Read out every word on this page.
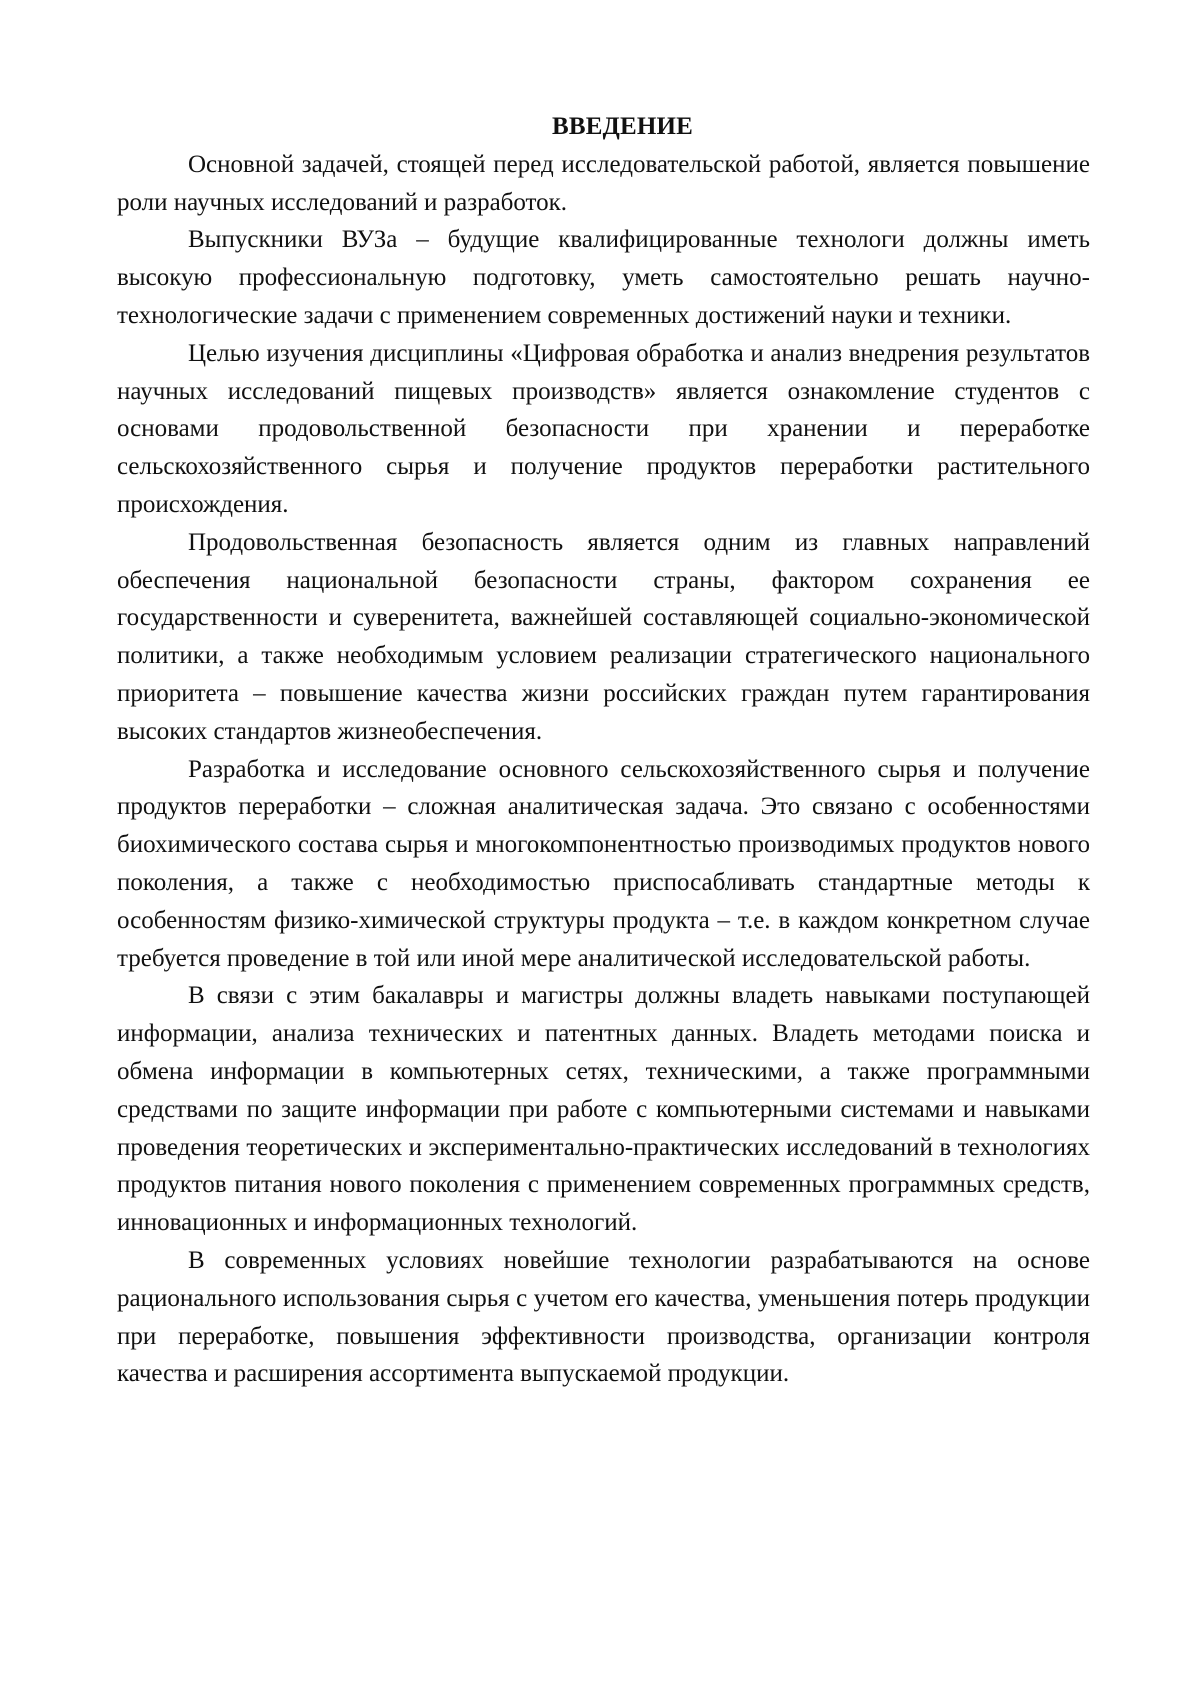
ВВЕДЕНИЕ

Основной задачей, стоящей перед исследовательской работой, является повышение роли научных исследований и разработок.

Выпускники ВУЗа – будущие квалифицированные технологи должны иметь высокую профессиональную подготовку, уметь самостоятельно решать научно-технологические задачи с применением современных достижений науки и техники.

Целью изучения дисциплины «Цифровая обработка и анализ внедрения результатов научных исследований пищевых производств» является ознакомление студентов с основами продовольственной безопасности при хранении и переработке сельскохозяйственного сырья и получение продуктов переработки растительного происхождения.

Продовольственная безопасность является одним из главных направлений обеспечения национальной безопасности страны, фактором сохранения ее государственности и суверенитета, важнейшей составляющей социально-экономической политики, а также необходимым условием реализации стратегического национального приоритета – повышение качества жизни российских граждан путем гарантирования высоких стандартов жизнеобеспечения.

Разработка и исследование основного сельскохозяйственного сырья и получение продуктов переработки – сложная аналитическая задача. Это связано с особенностями биохимического состава сырья и многокомпонентностью производимых продуктов нового поколения, а также с необходимостью приспосабливать стандартные методы к особенностям физико-химической структуры продукта – т.е. в каждом конкретном случае требуется проведение в той или иной мере аналитической исследовательской работы.

В связи с этим бакалавры и магистры должны владеть навыками поступающей информации, анализа технических и патентных данных. Владеть методами поиска и обмена информации в компьютерных сетях, техническими, а также программными средствами по защите информации при работе с компьютерными системами и навыками проведения теоретических и экспериментально-практических исследований в технологиях продуктов питания нового поколения с применением современных программных средств, инновационных и информационных технологий.

В современных условиях новейшие технологии разрабатываются на основе рационального использования сырья с учетом его качества, уменьшения потерь продукции при переработке, повышения эффективности производства, организации контроля качества и расширения ассортимента выпускаемой продукции.
